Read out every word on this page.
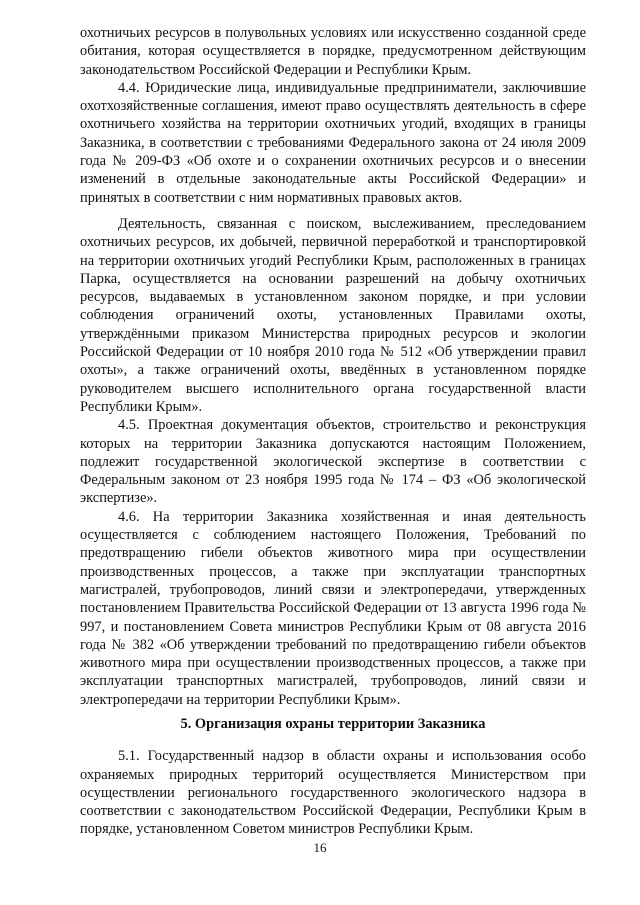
охотничьих ресурсов в полувольных условиях или искусственно созданной среде обитания, которая осуществляется в порядке, предусмотренном действующим законодательством Российской Федерации и Республики Крым.

4.4. Юридические лица, индивидуальные предприниматели, заключившие охотхозяйственные соглашения, имеют право осуществлять деятельность в сфере охотничьего хозяйства на территории охотничьих угодий, входящих в границы Заказника, в соответствии с требованиями Федерального закона от 24 июля 2009 года № 209-ФЗ «Об охоте и о сохранении охотничьих ресурсов и о внесении изменений в отдельные законодательные акты Российской Федерации» и принятых в соответствии с ним нормативных правовых актов.

Деятельность, связанная с поиском, выслеживанием, преследованием охотничьих ресурсов, их добычей, первичной переработкой и транспортировкой на территории охотничьих угодий Республики Крым, расположенных в границах Парка, осуществляется на основании разрешений на добычу охотничьих ресурсов, выдаваемых в установленном законом порядке, и при условии соблюдения ограничений охоты, установленных Правилами охоты, утверждёнными приказом Министерства природных ресурсов и экологии Российской Федерации от 10 ноября 2010 года № 512 «Об утверждении правил охоты», а также ограничений охоты, введённых в установленном порядке руководителем высшего исполнительного органа государственной власти Республики Крым».

4.5. Проектная документация объектов, строительство и реконструкция которых на территории Заказника допускаются настоящим Положением, подлежит государственной экологической экспертизе в соответствии с Федеральным законом от 23 ноября 1995 года № 174 – ФЗ «Об экологической экспертизе».

4.6. На территории Заказника хозяйственная и иная деятельность осуществляется с соблюдением настоящего Положения, Требований по предотвращению гибели объектов животного мира при осуществлении производственных процессов, а также при эксплуатации транспортных магистралей, трубопроводов, линий связи и электропередачи, утвержденных постановлением Правительства Российской Федерации от 13 августа 1996 года № 997, и постановлением Совета министров Республики Крым от 08 августа 2016 года № 382 «Об утверждении требований по предотвращению гибели объектов животного мира при осуществлении производственных процессов, а также при эксплуатации транспортных магистралей, трубопроводов, линий связи и электропередачи на территории Республики Крым».

5. Организация охраны территории Заказника

5.1. Государственный надзор в области охраны и использования особо охраняемых природных территорий осуществляется Министерством при осуществлении регионального государственного экологического надзора в соответствии с законодательством Российской Федерации, Республики Крым в порядке, установленном Советом министров Республики Крым.

16
